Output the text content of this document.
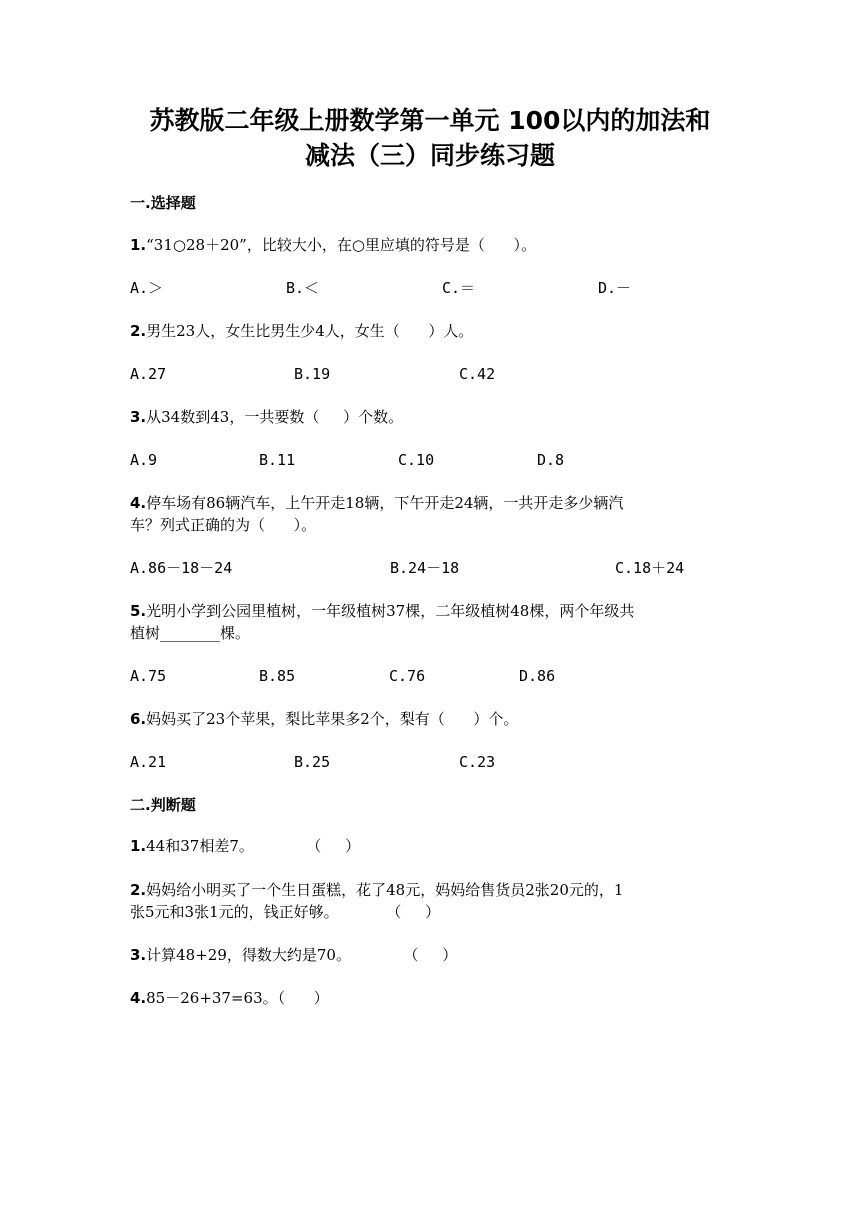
苏教版二年级上册数学第一单元 100以内的加法和
减法（三）同步练习题
一.选择题
1.“31○28＋20”，比较大小，在○里应填的符号是（      ）。
A.＞	B.＜	C.＝	D.－
2.男生23人，女生比男生少4人，女生（      ）人。
A.27	B.19	C.42
3.从34数到43，一共要数（     ）个数。
A.9	B.11	C.10	D.8
4.停车场有86辆汽车，上午开走18辆，下午开走24辆，一共开走多少辆汽
车？列式正确的为（      ）。
A.86－18－24	B.24－18	C.18＋24
5.光明小学到公园里植树，一年级植树37棵，二年级植树48棵，两个年级共
植树________棵。
A.75	B.85	C.76	D.86
6.妈妈买了23个苹果，梨比苹果多2个，梨有（      ）个。
A.21	B.25	C.23
二.判断题
1.44和37相差7。           （     ）
2.妈妈给小明买了一个生日蛋糕，花了48元，妈妈给售货员2张20元的，1
张5元和3张1元的，钱正好够。          （     ）
3.计算48+29，得数大约是70。           （     ）
4.85－26+37=63。（      ）
